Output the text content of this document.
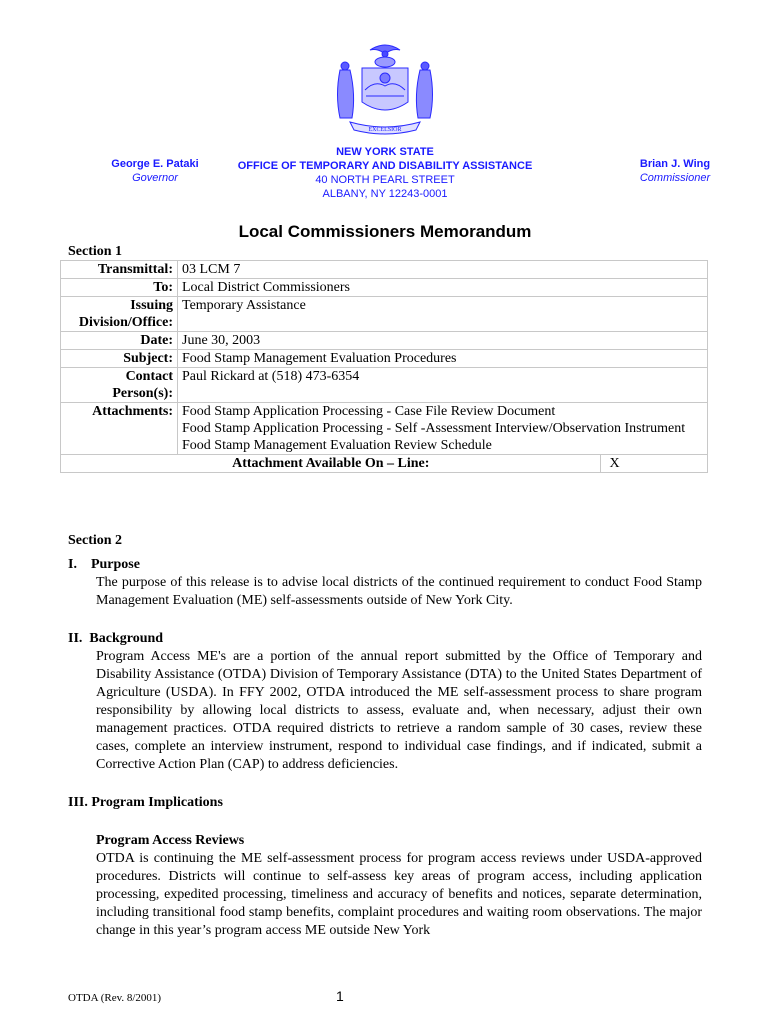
EXCELSIOR
George E. Pataki
Governor
NEW YORK STATE
OFFICE OF TEMPORARY AND DISABILITY ASSISTANCE
40 NORTH PEARL STREET
ALBANY, NY 12243-0001
Brian J. Wing
Commissioner
Local Commissioners Memorandum
Section 1
Transmittal:	03 LCM 7	
To:	Local District Commissioners	
Issuing Division/Office:	Temporary Assistance	
Date:	June 30, 2003	
Subject:	Food Stamp Management Evaluation Procedures	
Contact Person(s):	Paul Rickard at (518) 473-6354	
Attachments:	Food Stamp Application Processing - Case File Review Document
Food Stamp Application Processing - Self -Assessment Interview/Observation Instrument
Food Stamp Management Evaluation Review Schedule	

Attachment Available On – Line:		X
Section 2
I.    Purpose
The purpose of this release is to advise local districts of the continued requirement to conduct Food Stamp Management Evaluation (ME) self-assessments outside of New York City.
II.  Background
Program Access ME's are a portion of the annual report submitted by the Office of Temporary and Disability Assistance (OTDA) Division of Temporary Assistance (DTA) to the United States Department of Agriculture (USDA). In FFY 2002, OTDA introduced the ME self-assessment process to share program responsibility by allowing local districts to assess, evaluate and, when necessary, adjust their own management practices. OTDA required districts to retrieve a random sample of 30 cases, review these cases, complete an interview instrument, respond to individual case findings, and if indicated, submit a Corrective Action Plan (CAP) to address deficiencies.
III. Program Implications
Program Access Reviews
OTDA is continuing the ME self-assessment process for program access reviews under USDA-approved procedures. Districts will continue to self-assess key areas of program access, including application processing, expedited processing, timeliness and accuracy of benefits and notices, separate determination, including transitional food stamp benefits, complaint procedures and waiting room observations. The major change in this year’s program access ME outside New York
OTDA (Rev. 8/2001)	1
